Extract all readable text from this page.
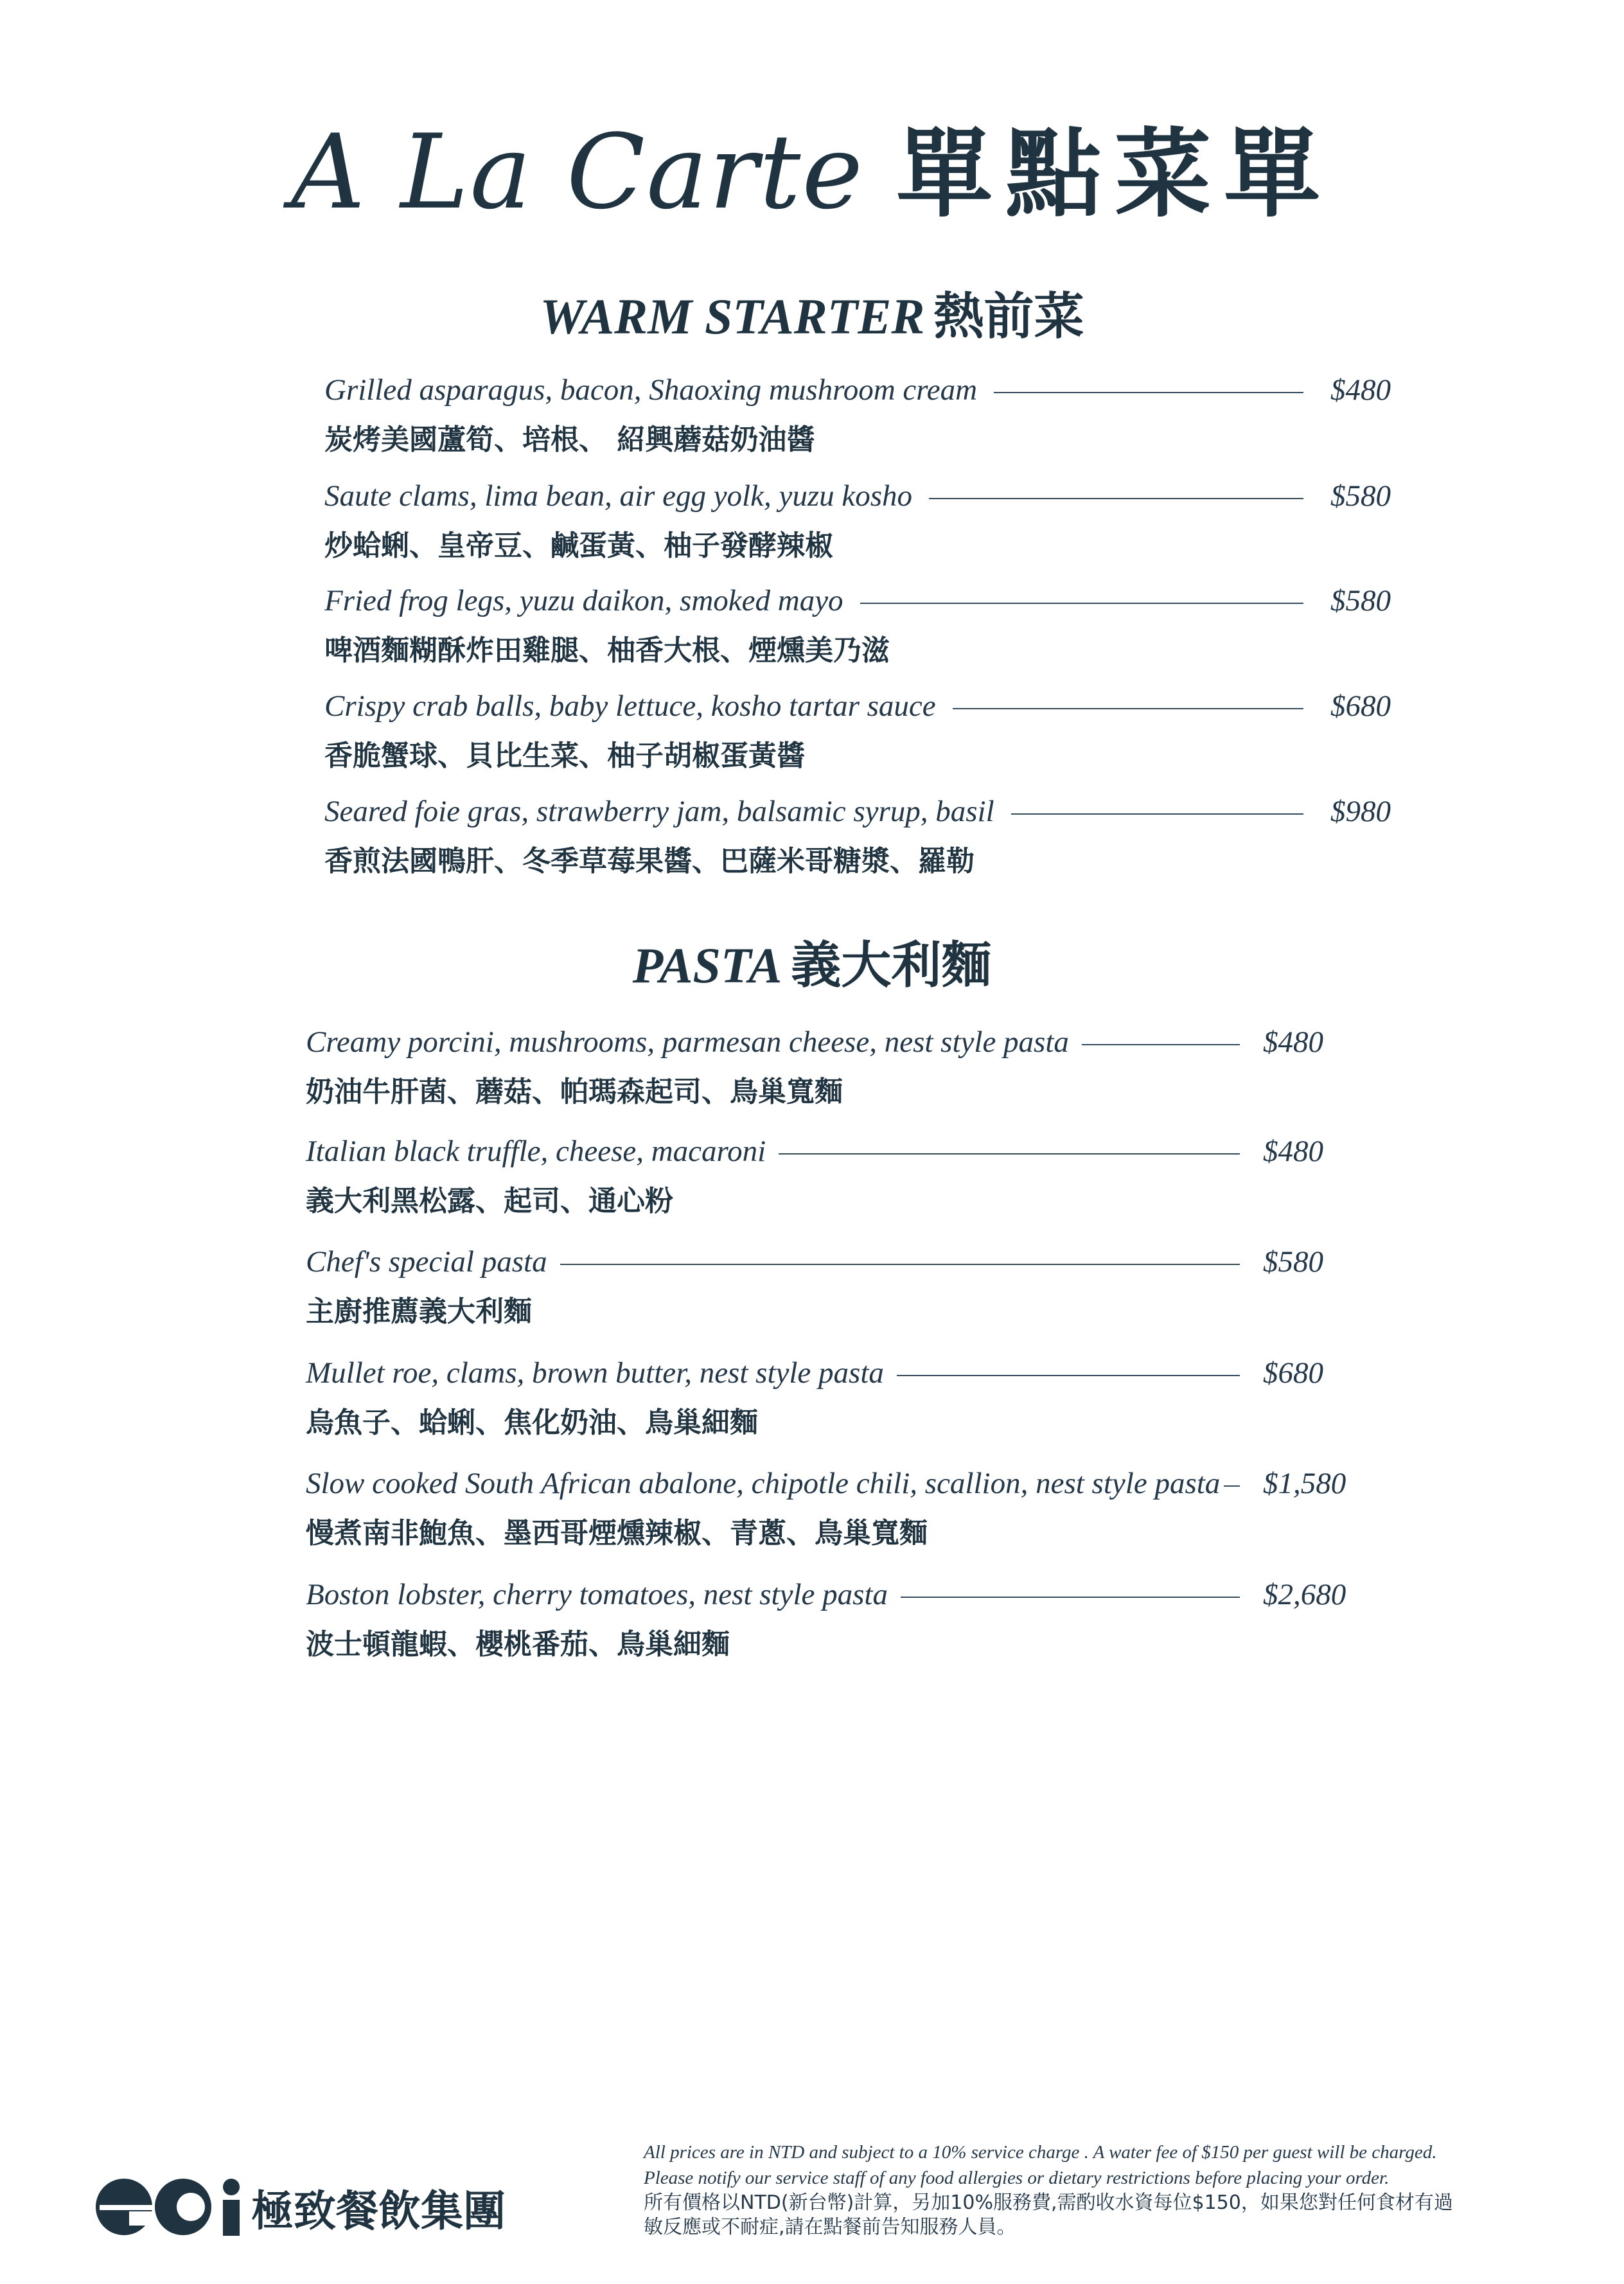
A La Carte 單點菜單
WARM STARTER 熱前菜
Grilled asparagus, bacon, Shaoxing mushroom cream	$480
炭烤美國蘆筍、培根、 紹興蘑菇奶油醬
Saute clams, lima bean, air egg yolk, yuzu kosho	$580
炒蛤蜊、皇帝豆、鹹蛋黃、柚子發酵辣椒
Fried frog legs, yuzu daikon, smoked mayo	$580
啤酒麵糊酥炸田雞腿、柚香大根、煙燻美乃滋
Crispy crab balls, baby lettuce, kosho tartar sauce	$680
香脆蟹球、貝比生菜、柚子胡椒蛋黃醬
Seared foie gras, strawberry jam, balsamic syrup, basil	$980
香煎法國鴨肝、冬季草莓果醬、巴薩米哥糖漿、羅勒
PASTA 義大利麵
Creamy porcini, mushrooms, parmesan cheese, nest style pasta	$480
奶油牛肝菌、蘑菇、帕瑪森起司、鳥巢寬麵
Italian black truffle, cheese, macaroni	$480
義大利黑松露、起司、通心粉
Chef's special pasta	$580
主廚推薦義大利麵
Mullet roe, clams, brown butter, nest style pasta	$680
烏魚子、蛤蜊、焦化奶油、鳥巢細麵
Slow cooked South African abalone, chipotle chili, scallion, nest style pasta $1,580
慢煮南非鮑魚、墨西哥煙燻辣椒、青蔥、鳥巢寬麵
Boston lobster, cherry tomatoes, nest style pasta	$2,680
波士頓龍蝦、櫻桃番茄、鳥巢細麵
極致餐飲集團
All prices are in NTD and subject to a 10% service charge . A water fee of $150 per guest will be charged.
Please notify our service staff of any food allergies or dietary restrictions before placing your order.
所有價格以NTD(新台幣)計算，另加10%服務費,需酌收水資每位$150，如果您對任何食材有過
敏反應或不耐症,請在點餐前告知服務人員。
